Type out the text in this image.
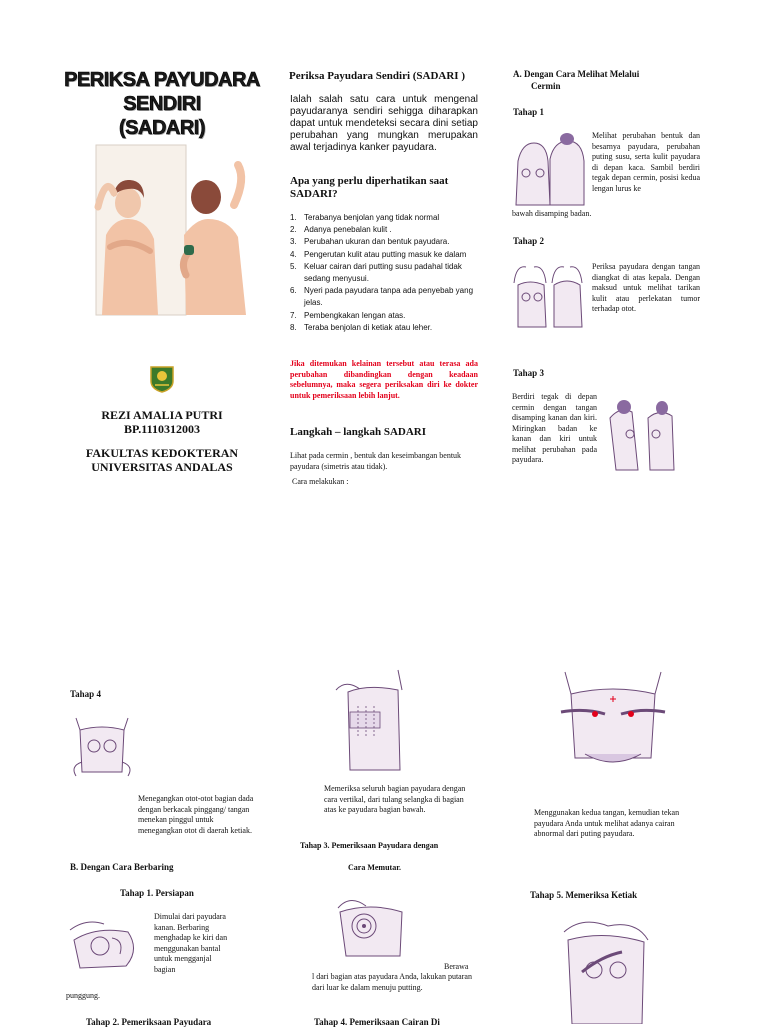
PERIKSA PAYUDARA SENDIRI
(SADARI)
REZI AMALIA PUTRI
BP.1110312003
FAKULTAS KEDOKTERAN
UNIVERSITAS ANDALAS
Periksa Payudara Sendiri (SADARI )
Ialah salah satu cara untuk mengenal payudaranya sendiri sehigga diharapkan dapat untuk mendeteksi secara dini setiap perubahan yang mungkan merupakan awal terjadinya kanker payudara.
Apa yang perlu diperhatikan saat
SADARI?
1. Terabanya benjolan yang tidak normal
2. Adanya penebalan kulit .
3. Perubahan ukuran dan bentuk payudara.
4. Pengerutan kulit atau putting masuk ke dalam
5. Keluar cairan dari putting susu padahal tidak sedang menyusui.
6. Nyeri pada payudara tanpa ada penyebab yang jelas.
7. Pembengkakan lengan atas.
8. Teraba benjolan di ketiak atau leher.
Jika ditemukan kelainan tersebut atau terasa ada perubahan dibandingkan dengan keadaan sebelumnya, maka segera periksakan diri ke dokter untuk pemeriksaan lebih lanjut.
Langkah – langkah SADARI
Lihat pada cermin , bentuk dan keseimbangan bentuk payudara (simetris atau tidak).
Cara melakukan :
A. Dengan Cara Melihat Melalui
Cermin
Tahap 1
Melihat perubahan bentuk dan besarnya payudara, perubahan puting susu, serta kulit payudara di depan kaca. Sambil berdiri tegak depan cermin, posisi kedua lengan lurus ke
bawah disamping badan.
Tahap 2
Periksa payudara dengan tangan diangkat di atas kepala. Dengan maksud untuk melihat tarikan kulit atau perlekatan tumor terhadap otot.
Tahap 3
Berdiri tegak di depan cermin dengan tangan disamping kanan dan kiri. Miringkan badan ke kanan dan kiri untuk melihat perubahan pada payudara.
Tahap 4
Menegangkan otot-otot bagian dada dengan berkacak pinggang/ tangan menekan pinggul untuk menegangkan otot di daerah ketiak.
B. Dengan Cara Berbaring
Tahap 1. Persiapan
Dimulai dari payudara kanan. Berbaring menghadap ke kiri dan menggunakan bantal untuk mengganjal bagian
punggung.
Tahap 2. Pemeriksaan Payudara
Memeriksa seluruh bagian payudara dengan cara vertikal, dari tulang selangka di bagian atas ke payudara bagian bawah.
Tahap 3. Pemeriksaan Payudara dengan
Cara Memutar.
Berawa
l dari bagian atas payudara Anda, lakukan putaran dari luar ke dalam menuju putting.
Tahap 4. Pemeriksaan Cairan Di
Menggunakan kedua tangan, kemudian tekan payudara Anda untuk melihat adanya cairan abnormal dari puting payudara.
Tahap 5. Memeriksa Ketiak
